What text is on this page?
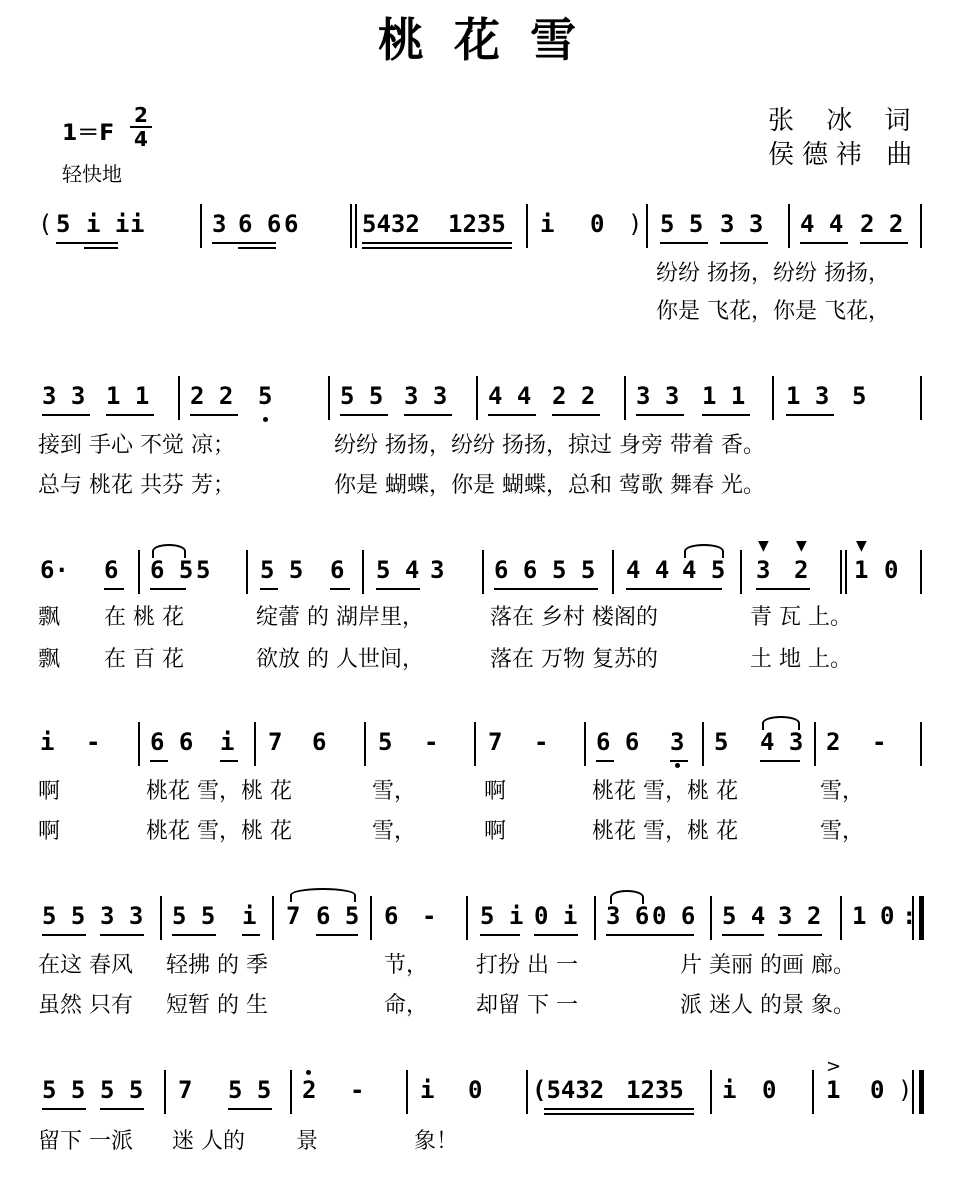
桃花雪
1＝F
2
4
轻快地
张 冰 词
侯德祎 曲
( 5 i i i	3 6 6 6	5432 1235 i 0 ) 5 5 3 3 4 4 2 2
纷纷 扬扬，纷纷 扬扬，
你是 飞花，你是 飞花，
3 3 1 1 2 2 5	5 5 3 3 4 4 2 2 3 3 1 1 1 3 5
接到 手心 不觉 凉；	纷纷 扬扬，纷纷 扬扬，掠过 身旁 带着 香。
总与 桃花 共芬 芳；	你是 蝴蝶，你是 蝴蝶，总和 莺歌 舞春 光。
6· 6 6 5 5 5 5 6 5 4 3 6 6 5 5 4 4 4 5
▼
3
▼
2
▼
1 0
飘 在 桃 花	绽蕾 的 湖岸里，	落在 乡村 楼阁的	青 瓦 上。
飘 在 百 花	欲放 的 人世间，	落在 万物 复苏的	土 地 上。
i - 6 6 i 7 6 5 - 7 - 6 6 3 5 4 3 2 -
啊	桃花 雪，桃 花	雪，	啊	桃花 雪，桃 花	雪，
啊	桃花 雪，桃 花	雪，	啊	桃花 雪，桃 花	雪，
5 5 3 3 5 5 i 7 6 5 6 - 5 i 0 i 3 6 0 6 5 4 3 2 1 0 :
在这 春风 轻拂 的 季	节， 打扮 出 一	片 美丽 的画 廊。
虽然 只有 短暂 的 生	命， 却留 下 一	派 迷人 的景 象。
5 5 5 5 7 5 5 2 - i 0 (5432 1235 i 0
>
1 0 )
留下 一派 迷 人的 景	象！
